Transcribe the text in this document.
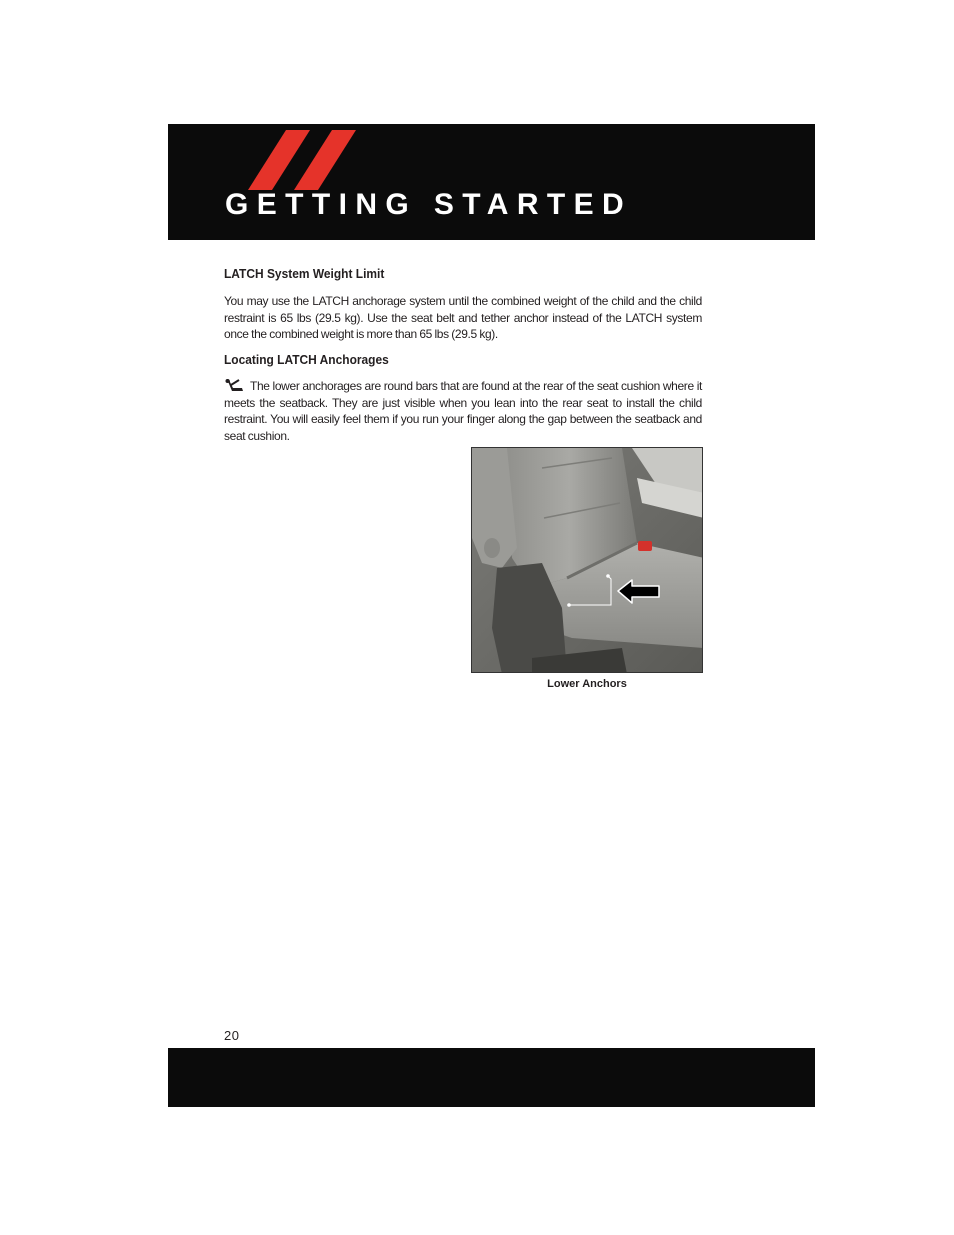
GETTING STARTED
LATCH System Weight Limit

You may use the LATCH anchorage system until the combined weight of the child and the child restraint is 65 lbs (29.5 kg). Use the seat belt and tether anchor instead of the LATCH system once the combined weight is more than 65 lbs (29.5 kg).

Locating LATCH Anchorages

The lower anchorages are round bars that are found at the rear of the seat cushion where it meets the seatback. They are just visible when you lean into the rear seat to install the child restraint. You will easily feel them if you run your finger along the gap between the seatback and seat cushion.

Lower Anchors
20
